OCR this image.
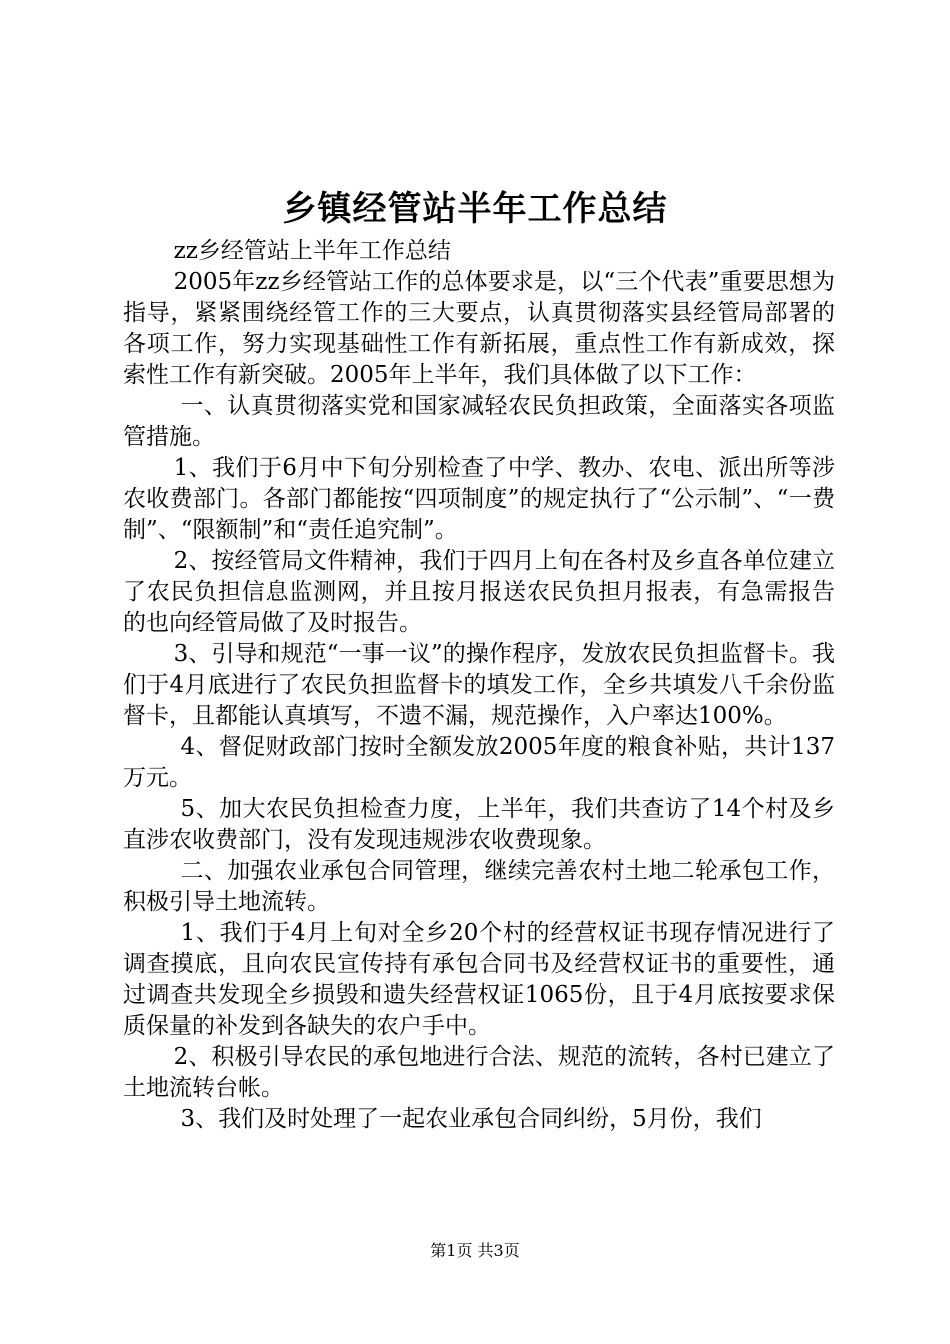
乡镇经管站半年工作总结

zz乡经管站上半年工作总结

2005年zz乡经管站工作的总体要求是，以“三个代表”重要思想为指导，紧紧围绕经管工作的三大要点，认真贯彻落实县经管局部署的各项工作，努力实现基础性工作有新拓展，重点性工作有新成效，探索性工作有新突破。2005年上半年，我们具体做了以下工作：

一、认真贯彻落实党和国家减轻农民负担政策，全面落实各项监管措施。

1、我们于6月中下旬分别检查了中学、教办、农电、派出所等涉农收费部门。各部门都能按“四项制度”的规定执行了“公示制”、“一费制”、“限额制”和“责任追究制”。

2、按经管局文件精神，我们于四月上旬在各村及乡直各单位建立了农民负担信息监测网，并且按月报送农民负担月报表，有急需报告的也向经管局做了及时报告。

3、引导和规范“一事一议”的操作程序，发放农民负担监督卡。我们于4月底进行了农民负担监督卡的填发工作，全乡共填发八千余份监督卡，且都能认真填写，不遗不漏，规范操作，入户率达100%。

4、督促财政部门按时全额发放2005年度的粮食补贴，共计137万元。

5、加大农民负担检查力度，上半年，我们共查访了14个村及乡直涉农收费部门，没有发现违规涉农收费现象。

二、加强农业承包合同管理，继续完善农村土地二轮承包工作，积极引导土地流转。

1、我们于4月上旬对全乡20个村的经营权证书现存情况进行了调查摸底，且向农民宣传持有承包合同书及经营权证书的重要性，通过调查共发现全乡损毁和遗失经营权证1065份，且于4月底按要求保质保量的补发到各缺失的农户手中。

2、积极引导农民的承包地进行合法、规范的流转，各村已建立了土地流转台帐。

3、我们及时处理了一起农业承包合同纠纷，5月份，我们

第1页 共3页
